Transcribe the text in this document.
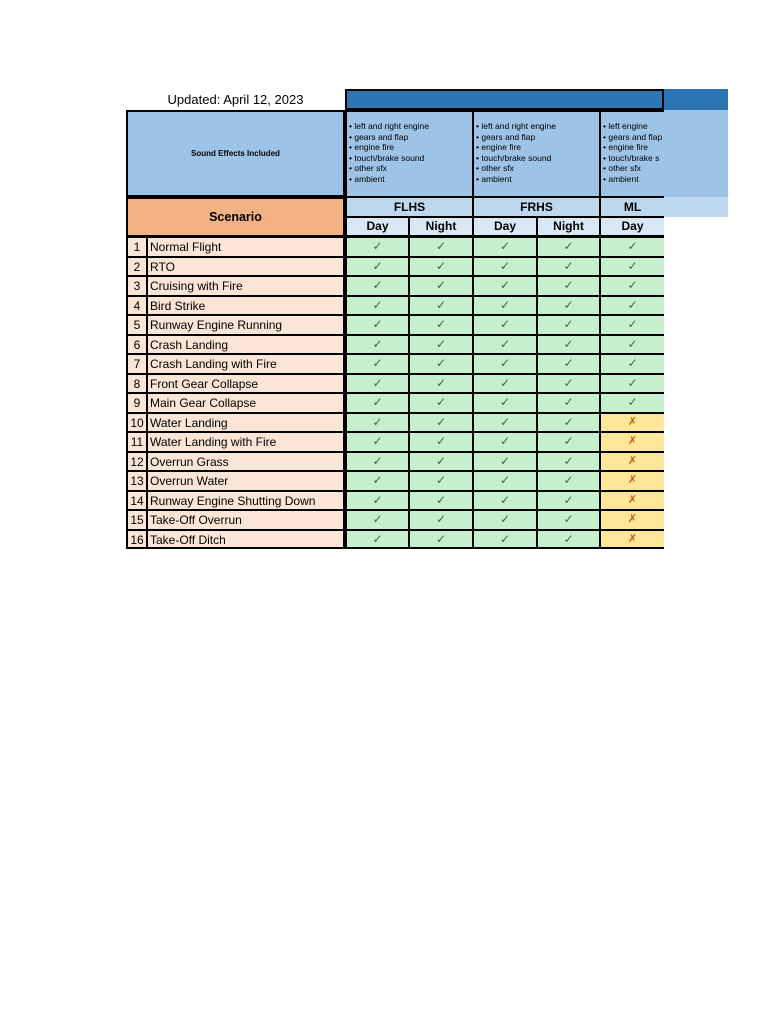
Updated: April 12, 2023
Sound Effects Included
• left and right engine
• gears and flap
• engine fire
• touch/brake sound
• other sfx
• ambient
• left and right engine
• gears and flap
• engine fire
• touch/brake sound
• other sfx
• ambient
• left engine
• gears and flap
• engine fire
• touch/brake s
• other sfx
• ambient
Scenario
FLHS	FRHS	ML
Day	Night	Day	Night	Day
1 Normal Flight	✓	✓	✓	✓	✓
2 RTO	✓	✓	✓	✓	✓
3 Cruising with Fire	✓	✓	✓	✓	✓
4 Bird Strike	✓	✓	✓	✓	✓
5 Runway Engine Running	✓	✓	✓	✓	✓
6 Crash Landing	✓	✓	✓	✓	✓
7 Crash Landing with Fire	✓	✓	✓	✓	✓
8 Front Gear Collapse	✓	✓	✓	✓	✓
9 Main Gear Collapse	✓	✓	✓	✓	✓
10 Water Landing	✓	✓	✓	✓	✗
11 Water Landing with Fire	✓	✓	✓	✓	✗
12 Overrun Grass	✓	✓	✓	✓	✗
13 Overrun Water	✓	✓	✓	✓	✗
14 Runway Engine Shutting Down	✓	✓	✓	✓	✗
15 Take-Off Overrun	✓	✓	✓	✓	✗
16 Take-Off Ditch	✓	✓	✓	✓	✗
